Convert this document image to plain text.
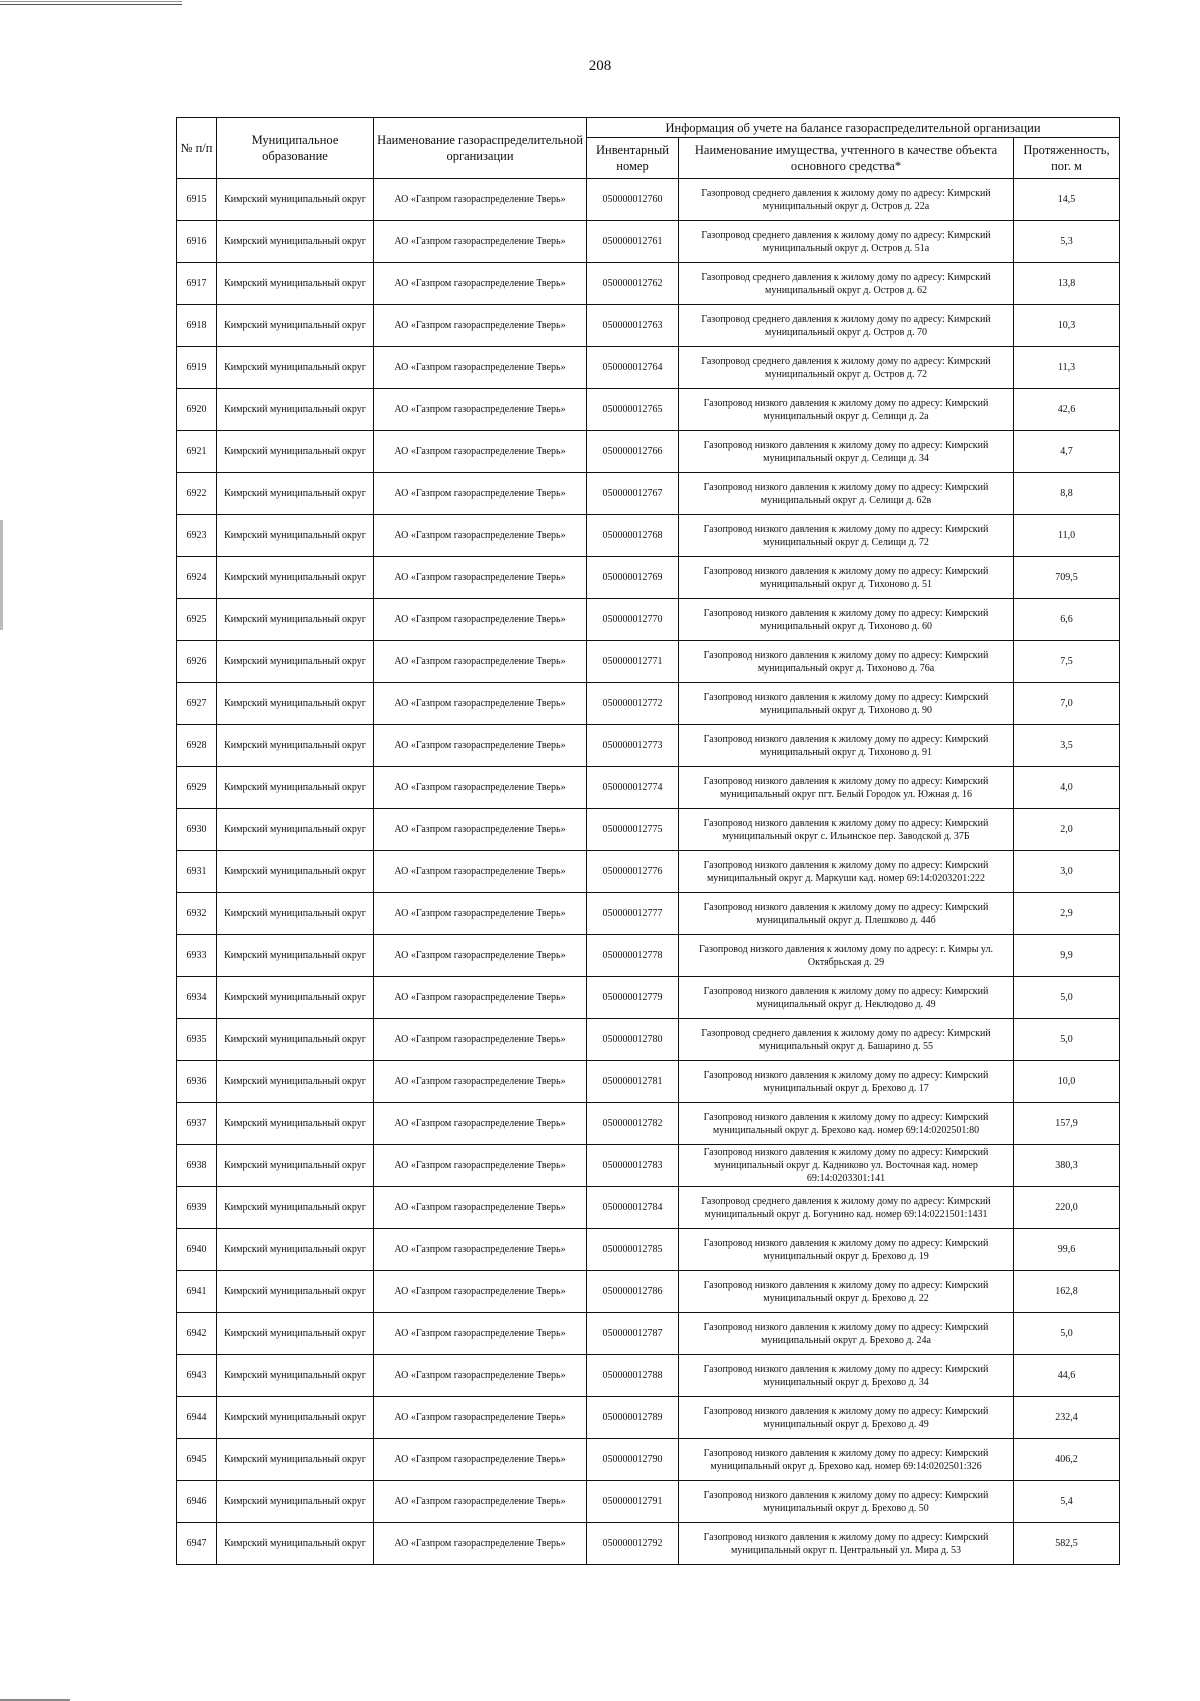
208
№ п/п	Муниципальное образование	Наименование газораспределительной организации	Информация об учете на балансе газораспределительной организации		
			Инвентарный номер	Наименование имущества, учтенного в качестве объекта основного средства*	Протяженность, пог. м
6915	Кимрский муниципальный округ	АО «Газпром газораспределение Тверь»	050000012760	Газопровод среднего давления к жилому дому по адресу: Кимрский муниципальный округ д. Остров д. 22а	14,5
6916	Кимрский муниципальный округ	АО «Газпром газораспределение Тверь»	050000012761	Газопровод среднего давления к жилому дому по адресу: Кимрский муниципальный округ д. Остров д. 51а	5,3
6917	Кимрский муниципальный округ	АО «Газпром газораспределение Тверь»	050000012762	Газопровод среднего давления к жилому дому по адресу: Кимрский муниципальный округ д. Остров д. 62	13,8
6918	Кимрский муниципальный округ	АО «Газпром газораспределение Тверь»	050000012763	Газопровод среднего давления к жилому дому по адресу: Кимрский муниципальный округ д. Остров д. 70	10,3
6919	Кимрский муниципальный округ	АО «Газпром газораспределение Тверь»	050000012764	Газопровод среднего давления к жилому дому по адресу: Кимрский муниципальный округ д. Остров д. 72	11,3
6920	Кимрский муниципальный округ	АО «Газпром газораспределение Тверь»	050000012765	Газопровод низкого давления к жилому дому по адресу: Кимрский муниципальный округ д. Селищи д. 2а	42,6
6921	Кимрский муниципальный округ	АО «Газпром газораспределение Тверь»	050000012766	Газопровод низкого давления к жилому дому по адресу: Кимрский муниципальный округ д. Селищи д. 34	4,7
6922	Кимрский муниципальный округ	АО «Газпром газораспределение Тверь»	050000012767	Газопровод низкого давления к жилому дому по адресу: Кимрский муниципальный округ д. Селищи д. 62в	8,8
6923	Кимрский муниципальный округ	АО «Газпром газораспределение Тверь»	050000012768	Газопровод низкого давления к жилому дому по адресу: Кимрский муниципальный округ д. Селищи д. 72	11,0
6924	Кимрский муниципальный округ	АО «Газпром газораспределение Тверь»	050000012769	Газопровод низкого давления к жилому дому по адресу: Кимрский муниципальный округ д. Тихоново д. 51	709,5
6925	Кимрский муниципальный округ	АО «Газпром газораспределение Тверь»	050000012770	Газопровод низкого давления к жилому дому по адресу: Кимрский муниципальный округ д. Тихоново д. 60	6,6
6926	Кимрский муниципальный округ	АО «Газпром газораспределение Тверь»	050000012771	Газопровод низкого давления к жилому дому по адресу: Кимрский муниципальный округ д. Тихоново д. 76а	7,5
6927	Кимрский муниципальный округ	АО «Газпром газораспределение Тверь»	050000012772	Газопровод низкого давления к жилому дому по адресу: Кимрский муниципальный округ д. Тихоново д. 90	7,0
6928	Кимрский муниципальный округ	АО «Газпром газораспределение Тверь»	050000012773	Газопровод низкого давления к жилому дому по адресу: Кимрский муниципальный округ д. Тихоново д. 91	3,5
6929	Кимрский муниципальный округ	АО «Газпром газораспределение Тверь»	050000012774	Газопровод низкого давления к жилому дому по адресу: Кимрский муниципальный округ пгт. Белый Городок ул. Южная д. 16	4,0
6930	Кимрский муниципальный округ	АО «Газпром газораспределение Тверь»	050000012775	Газопровод низкого давления к жилому дому по адресу: Кимрский муниципальный округ с. Ильинское пер. Заводской д. 37Б	2,0
6931	Кимрский муниципальный округ	АО «Газпром газораспределение Тверь»	050000012776	Газопровод низкого давления к жилому дому по адресу: Кимрский муниципальный округ д. Маркуши кад. номер 69:14:0203201:222	3,0
6932	Кимрский муниципальный округ	АО «Газпром газораспределение Тверь»	050000012777	Газопровод низкого давления к жилому дому по адресу: Кимрский муниципальный округ д. Плешково д. 44б	2,9
6933	Кимрский муниципальный округ	АО «Газпром газораспределение Тверь»	050000012778	Газопровод низкого давления к жилому дому по адресу: г. Кимры ул. Октябрьская д. 29	9,9
6934	Кимрский муниципальный округ	АО «Газпром газораспределение Тверь»	050000012779	Газопровод низкого давления к жилому дому по адресу: Кимрский муниципальный округ д. Неклюдово д. 49	5,0
6935	Кимрский муниципальный округ	АО «Газпром газораспределение Тверь»	050000012780	Газопровод среднего давления к жилому дому по адресу: Кимрский муниципальный округ д. Башарино д. 55	5,0
6936	Кимрский муниципальный округ	АО «Газпром газораспределение Тверь»	050000012781	Газопровод низкого давления к жилому дому по адресу: Кимрский муниципальный округ д. Брехово д. 17	10,0
6937	Кимрский муниципальный округ	АО «Газпром газораспределение Тверь»	050000012782	Газопровод низкого давления к жилому дому по адресу: Кимрский муниципальный округ д. Брехово кад. номер 69:14:0202501:80	157,9
6938	Кимрский муниципальный округ	АО «Газпром газораспределение Тверь»	050000012783	Газопровод низкого давления к жилому дому по адресу: Кимрский муниципальный округ д. Кадниково ул. Восточная кад. номер 69:14:0203301:141	380,3
6939	Кимрский муниципальный округ	АО «Газпром газораспределение Тверь»	050000012784	Газопровод среднего давления к жилому дому по адресу: Кимрский муниципальный округ д. Богунино кад. номер 69:14:0221501:1431	220,0
6940	Кимрский муниципальный округ	АО «Газпром газораспределение Тверь»	050000012785	Газопровод низкого давления к жилому дому по адресу: Кимрский муниципальный округ д. Брехово д. 19	99,6
6941	Кимрский муниципальный округ	АО «Газпром газораспределение Тверь»	050000012786	Газопровод низкого давления к жилому дому по адресу: Кимрский муниципальный округ д. Брехово д. 22	162,8
6942	Кимрский муниципальный округ	АО «Газпром газораспределение Тверь»	050000012787	Газопровод низкого давления к жилому дому по адресу: Кимрский муниципальный округ д. Брехово д. 24а	5,0
6943	Кимрский муниципальный округ	АО «Газпром газораспределение Тверь»	050000012788	Газопровод низкого давления к жилому дому по адресу: Кимрский муниципальный округ д. Брехово д. 34	44,6
6944	Кимрский муниципальный округ	АО «Газпром газораспределение Тверь»	050000012789	Газопровод низкого давления к жилому дому по адресу: Кимрский муниципальный округ д. Брехово д. 49	232,4
6945	Кимрский муниципальный округ	АО «Газпром газораспределение Тверь»	050000012790	Газопровод низкого давления к жилому дому по адресу: Кимрский муниципальный округ д. Брехово кад. номер 69:14:0202501:326	406,2
6946	Кимрский муниципальный округ	АО «Газпром газораспределение Тверь»	050000012791	Газопровод низкого давления к жилому дому по адресу: Кимрский муниципальный округ д. Брехово д. 50	5,4
6947	Кимрский муниципальный округ	АО «Газпром газораспределение Тверь»	050000012792	Газопровод низкого давления к жилому дому по адресу: Кимрский муниципальный округ п. Центральный ул. Мира д. 53	582,5
